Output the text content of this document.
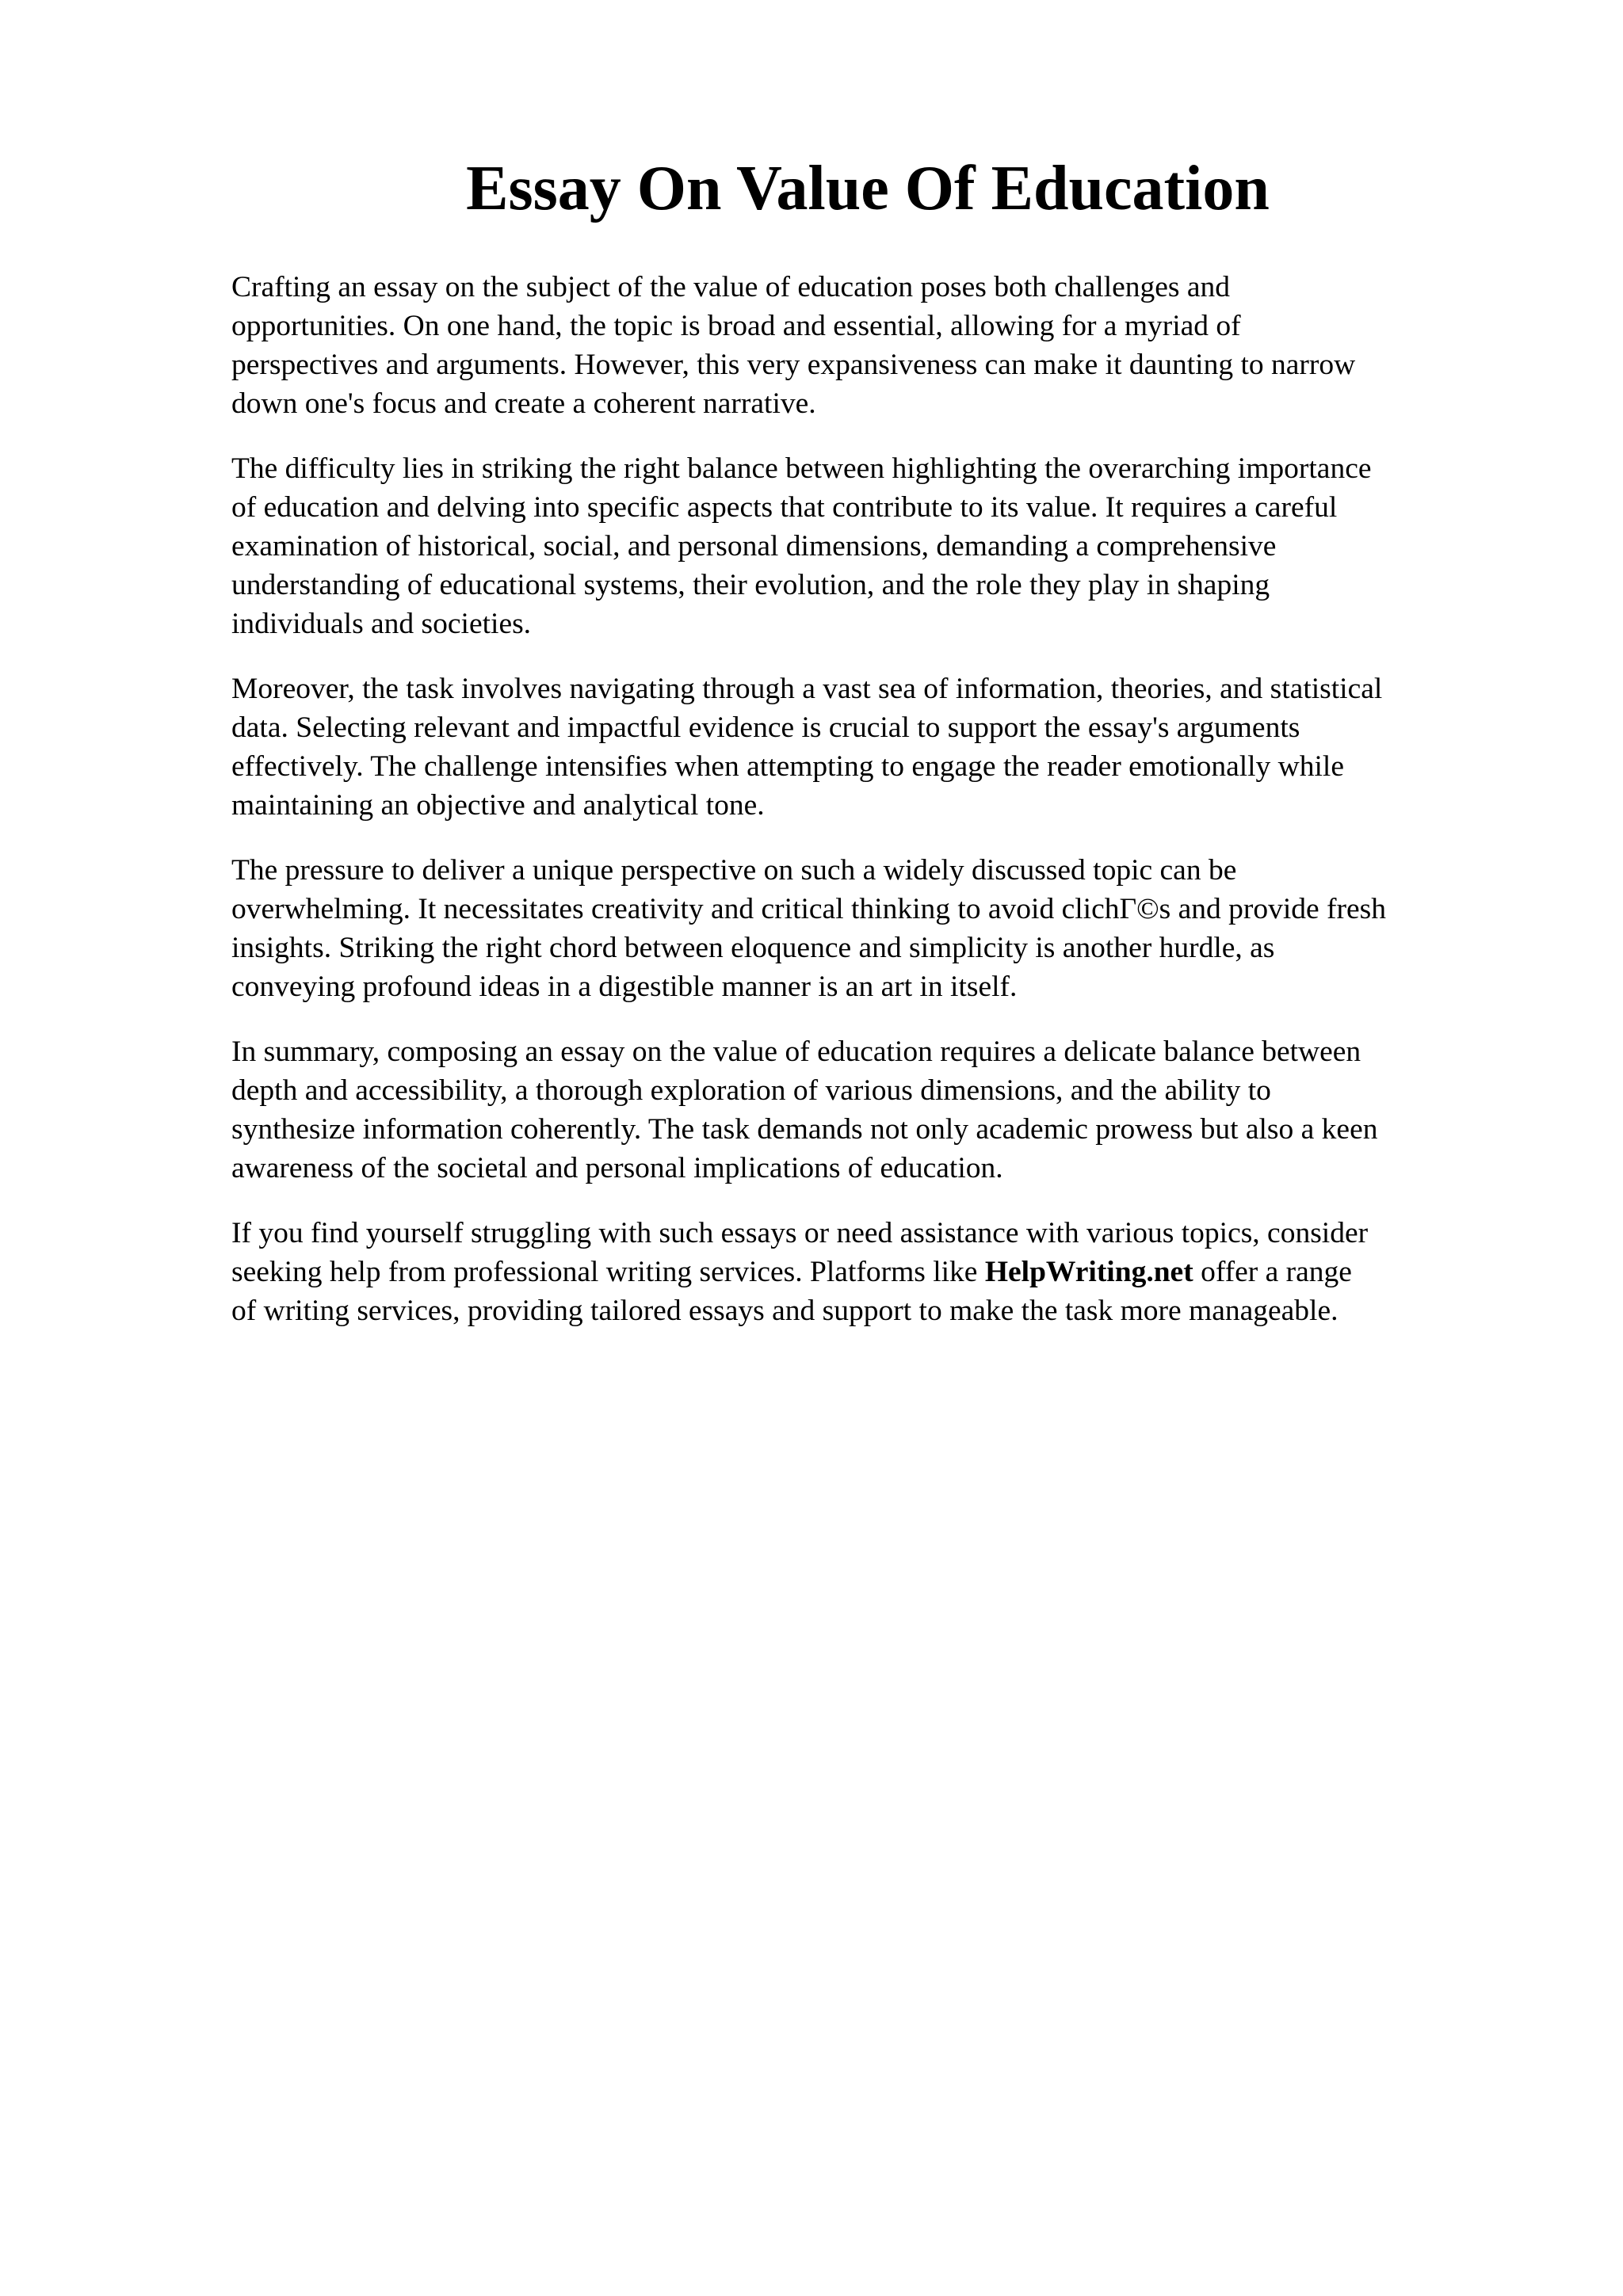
Essay On Value Of Education

Crafting an essay on the subject of the value of education poses both challenges and
opportunities. On one hand, the topic is broad and essential, allowing for a myriad of
perspectives and arguments. However, this very expansiveness can make it daunting to narrow
down one's focus and create a coherent narrative.

The difficulty lies in striking the right balance between highlighting the overarching importance
of education and delving into specific aspects that contribute to its value. It requires a careful
examination of historical, social, and personal dimensions, demanding a comprehensive
understanding of educational systems, their evolution, and the role they play in shaping
individuals and societies.

Moreover, the task involves navigating through a vast sea of information, theories, and statistical
data. Selecting relevant and impactful evidence is crucial to support the essay's arguments
effectively. The challenge intensifies when attempting to engage the reader emotionally while
maintaining an objective and analytical tone.

The pressure to deliver a unique perspective on such a widely discussed topic can be
overwhelming. It necessitates creativity and critical thinking to avoid clichГ©s and provide fresh
insights. Striking the right chord between eloquence and simplicity is another hurdle, as
conveying profound ideas in a digestible manner is an art in itself.

In summary, composing an essay on the value of education requires a delicate balance between
depth and accessibility, a thorough exploration of various dimensions, and the ability to
synthesize information coherently. The task demands not only academic prowess but also a keen
awareness of the societal and personal implications of education.

If you find yourself struggling with such essays or need assistance with various topics, consider
seeking help from professional writing services. Platforms like HelpWriting.net offer a range
of writing services, providing tailored essays and support to make the task more manageable.
